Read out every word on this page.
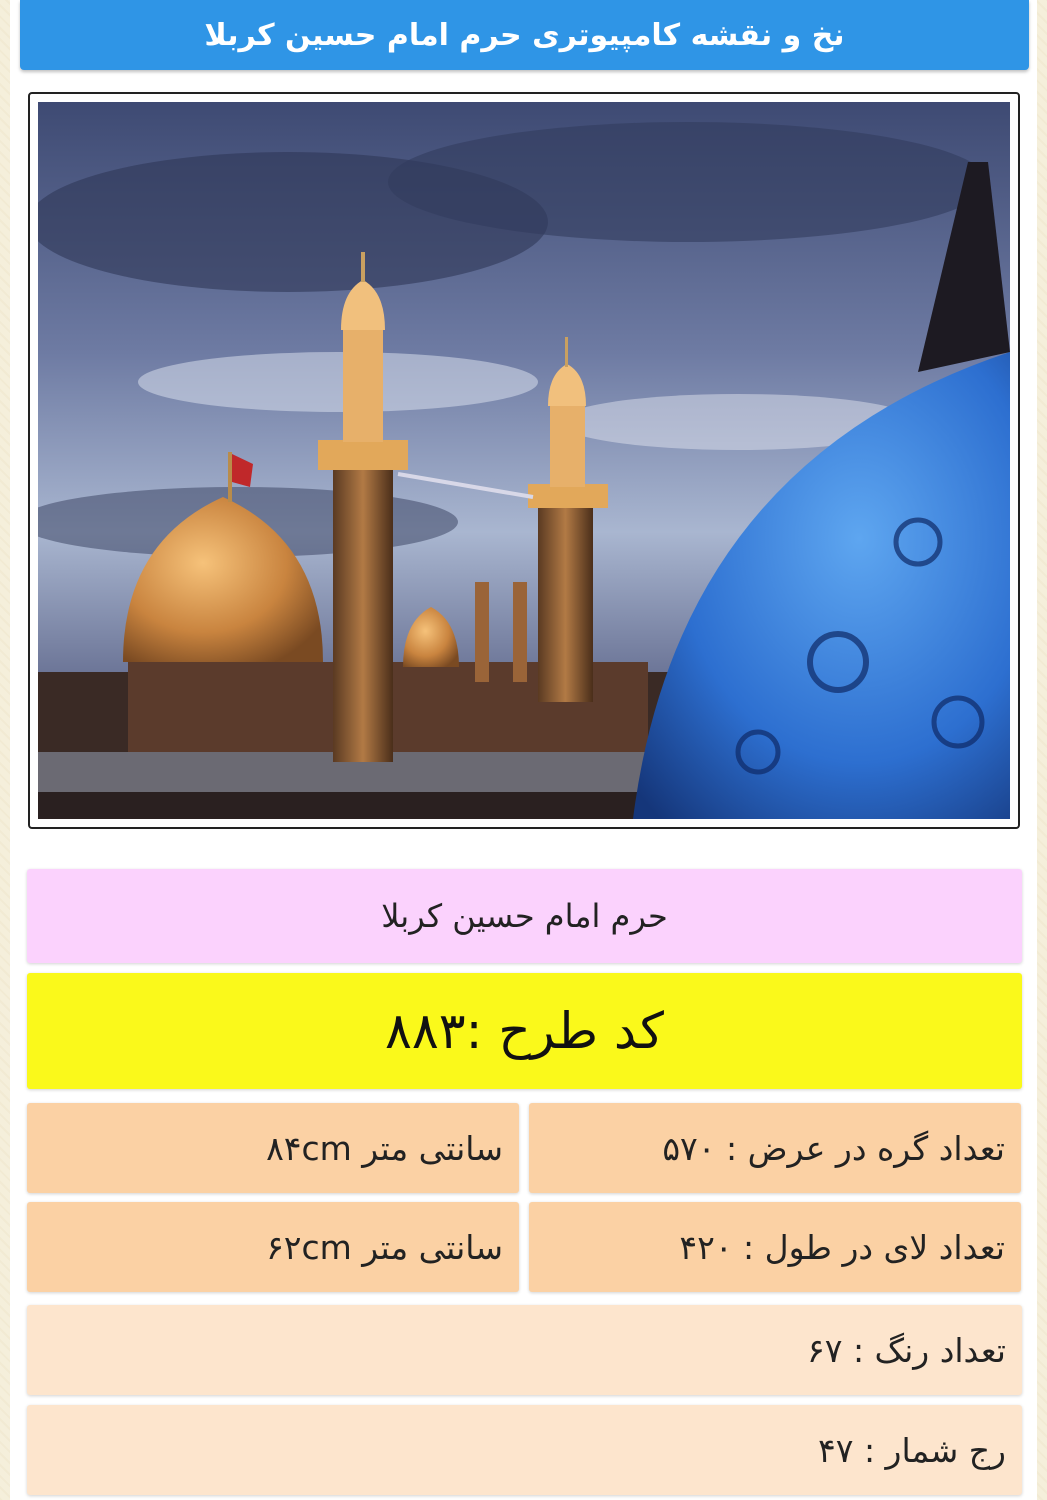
نخ و نقشه کامپیوتری حرم امام حسین کربلا
حرم امام حسین کربلا
کد طرح :۸۸۳
تعداد گره در عرض : ۵۷۰
سانتی متر ۸۴cm
تعداد لای در طول : ۴۲۰
سانتی متر ۶۲cm
تعداد رنگ : ۶۷
رج شمار : ۴۷
